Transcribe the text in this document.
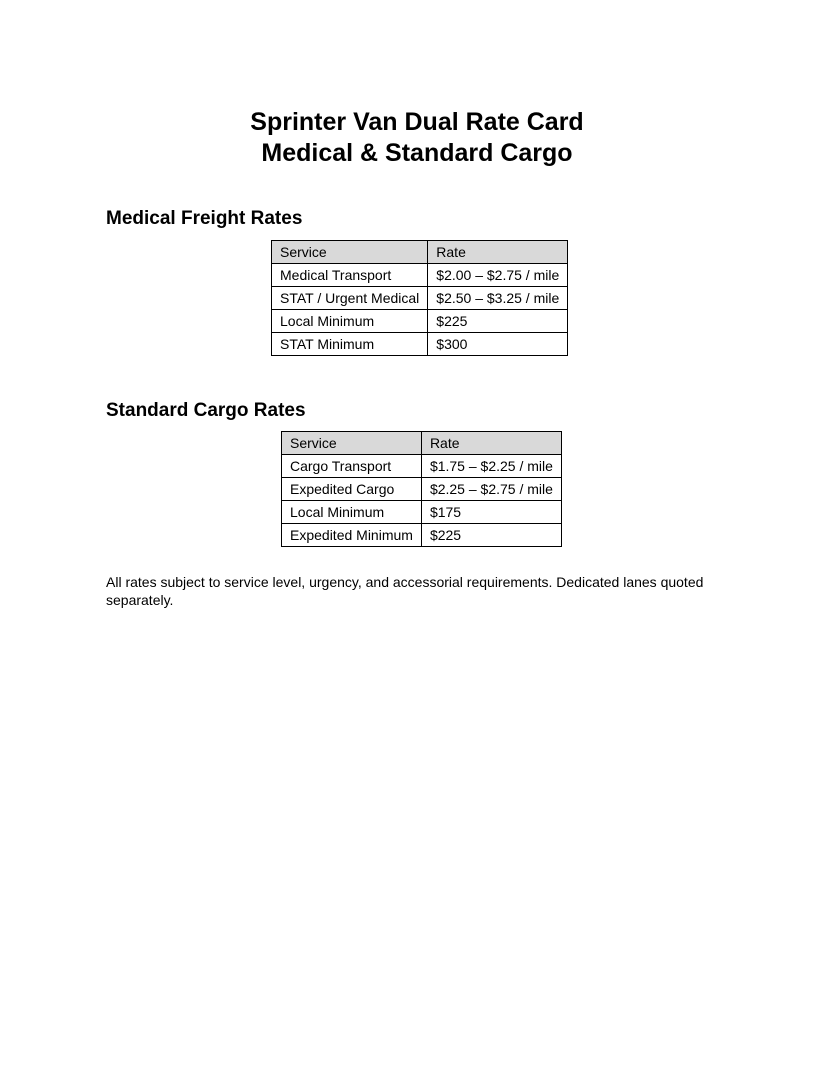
Sprinter Van Dual Rate Card
Medical & Standard Cargo
Medical Freight Rates
Service	Rate
Medical Transport	$2.00 – $2.75 / mile
STAT / Urgent Medical	$2.50 – $3.25 / mile
Local Minimum	$225
STAT Minimum	$300
Standard Cargo Rates
Service	Rate
Cargo Transport	$1.75 – $2.25 / mile
Expedited Cargo	$2.25 – $2.75 / mile
Local Minimum	$175
Expedited Minimum	$225

All rates subject to service level, urgency, and accessorial requirements. Dedicated lanes quoted separately.
